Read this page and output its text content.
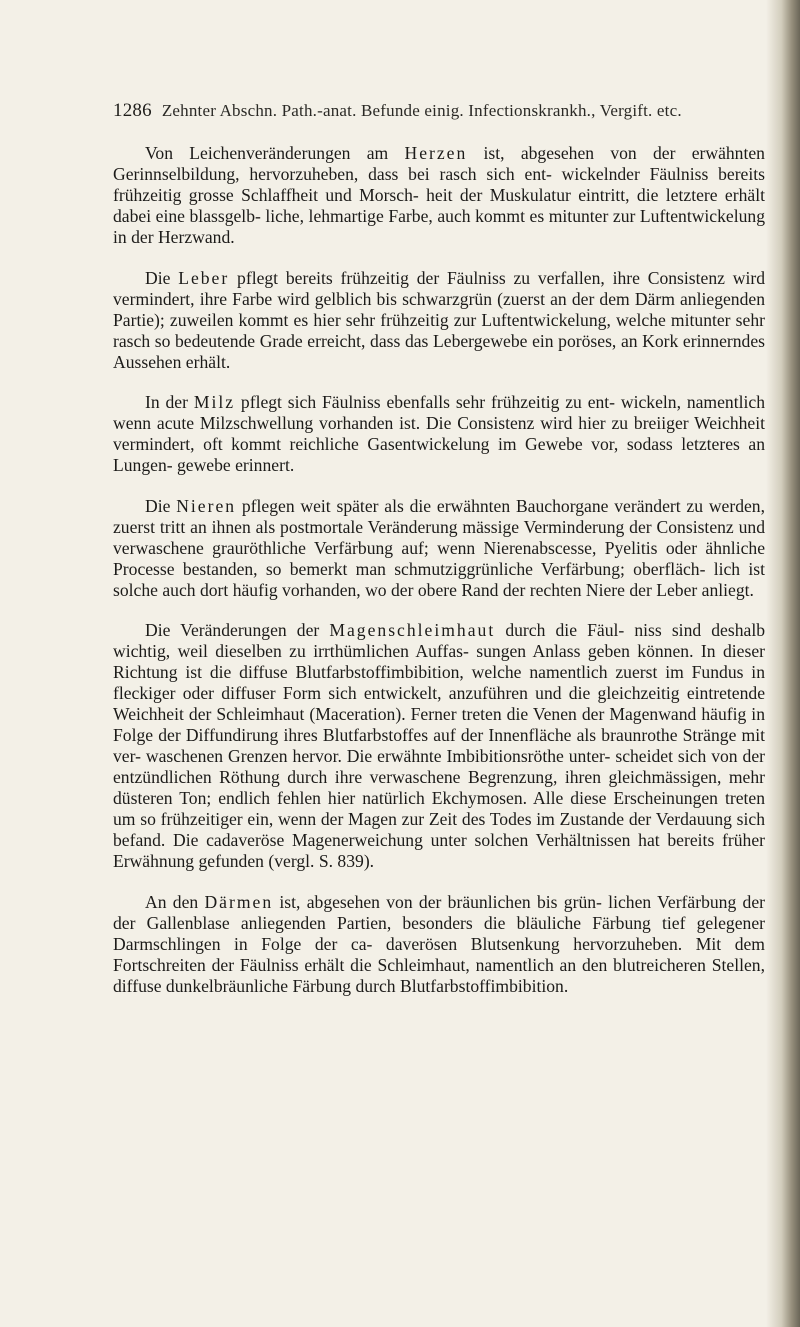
1286 Zehnter Abschn. Path.-anat. Befunde einig. Infectionskrankh., Vergift. etc.

Von Leichenveränderungen am Herzen ist, abgesehen von der erwähnten Gerinnselbildung, hervorzuheben, dass bei rasch sich ent- wickelnder Fäulniss bereits frühzeitig grosse Schlaffheit und Morsch- heit der Muskulatur eintritt, die letztere erhält dabei eine blassgelb- liche, lehmartige Farbe, auch kommt es mitunter zur Luftentwickelung in der Herzwand.

Die Leber pflegt bereits frühzeitig der Fäulniss zu verfallen, ihre Consistenz wird vermindert, ihre Farbe wird gelblich bis schwarzgrün (zuerst an der dem Därm anliegenden Partie); zuweilen kommt es hier sehr frühzeitig zur Luftentwickelung, welche mitunter sehr rasch so bedeutende Grade erreicht, dass das Lebergewebe ein poröses, an Kork erinnerndes Aussehen erhält.

In der Milz pflegt sich Fäulniss ebenfalls sehr frühzeitig zu ent- wickeln, namentlich wenn acute Milzschwellung vorhanden ist. Die Consistenz wird hier zu breiiger Weichheit vermindert, oft kommt reichliche Gasentwickelung im Gewebe vor, sodass letzteres an Lungen- gewebe erinnert.

Die Nieren pflegen weit später als die erwähnten Bauchorgane verändert zu werden, zuerst tritt an ihnen als postmortale Veränderung mässige Verminderung der Consistenz und verwaschene grauröthliche Verfärbung auf; wenn Nierenabscesse, Pyelitis oder ähnliche Processe bestanden, so bemerkt man schmutziggrünliche Verfärbung; oberfläch- lich ist solche auch dort häufig vorhanden, wo der obere Rand der rechten Niere der Leber anliegt.

Die Veränderungen der Magenschleimhaut durch die Fäul- niss sind deshalb wichtig, weil dieselben zu irrthümlichen Auffas- sungen Anlass geben können. In dieser Richtung ist die diffuse Blutfarbstoffimbibition, welche namentlich zuerst im Fundus in fleckiger oder diffuser Form sich entwickelt, anzuführen und die gleichzeitig eintretende Weichheit der Schleimhaut (Maceration). Ferner treten die Venen der Magenwand häufig in Folge der Diffundirung ihres Blutfarbstoffes auf der Innenfläche als braunrothe Stränge mit ver- waschenen Grenzen hervor. Die erwähnte Imbibitionsröthe unter- scheidet sich von der entzündlichen Röthung durch ihre verwaschene Begrenzung, ihren gleichmässigen, mehr düsteren Ton; endlich fehlen hier natürlich Ekchymosen. Alle diese Erscheinungen treten um so frühzeitiger ein, wenn der Magen zur Zeit des Todes im Zustande der Verdauung sich befand. Die cadaveröse Magenerweichung unter solchen Verhältnissen hat bereits früher Erwähnung gefunden (vergl. S. 839).

An den Därmen ist, abgesehen von der bräunlichen bis grün- lichen Verfärbung der der Gallenblase anliegenden Partien, besonders die bläuliche Färbung tief gelegener Darmschlingen in Folge der ca- daverösen Blutsenkung hervorzuheben. Mit dem Fortschreiten der Fäulniss erhält die Schleimhaut, namentlich an den blutreicheren Stellen, diffuse dunkelbräunliche Färbung durch Blutfarbstoffimbibition.
